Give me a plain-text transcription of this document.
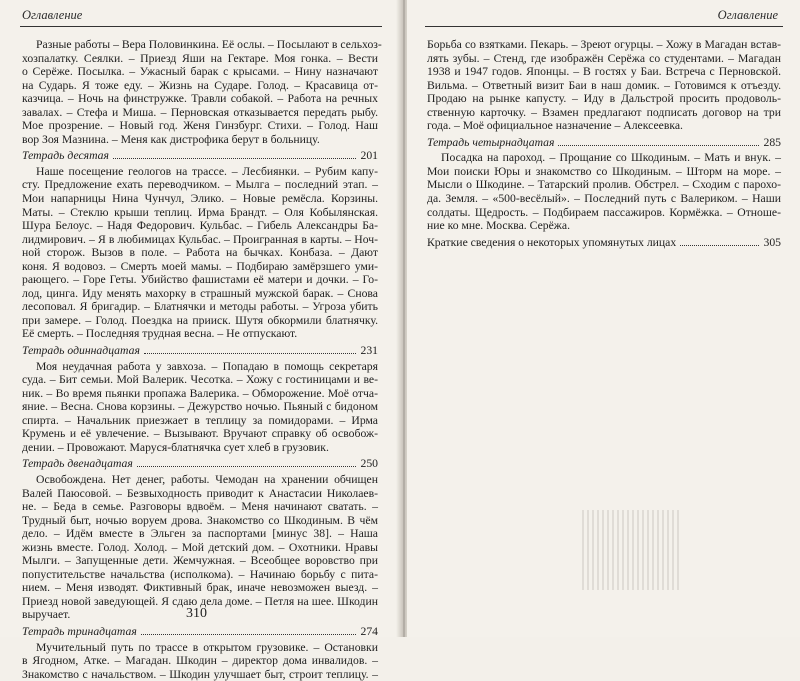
Оглавление
Разные работы – Вера Половинкина. Её ослы. – Посылают в сельхоз-
хозпалатку. Сеялки. – Приезд Яши на Гектаре. Моя гонка. – Вести
о Серёже. Посылка. – Ужасный барак с крысами. – Нину назначают
на Сударь. Я тоже еду. – Жизнь на Сударе. Голод. – Красавица от-
казчица. – Ночь на финстружке. Травли собакой. – Работа на речных
завалах. – Стефа и Миша. – Перновская отказывается передать рыбу.
Мое прозрение. – Новый год. Женя Гинзбург. Стихи. – Голод. Наш
вор Зоя Мазнина. – Меня как дистрофика берут в больницу.
Тетрадь десятая	201
Наше посещение геологов на трассе. – Лесбиянки. – Рубим капу-
сту. Предложение ехать переводчиком. – Мылга – последний этап. –
Мои напарницы Нина Чунчул, Элико. – Новые ремёсла. Корзины.
Маты. – Стеклю крыши теплиц. Ирма Брандт. – Оля Кобылянская.
Шура Белоус. – Надя Федорович. Кульбас. – Гибель Александры Ба-
лидмирович. – Я в любимицах Кульбас. – Проигранная в карты. – Ноч-
ной сторож. Вызов в поле. – Работа на бычках. Конбаза. – Дают
коня. Я водовоз. – Смерть моей мамы. – Подбираю замёрзшего уми-
рающего. – Горе Геты. Убийство фашистами её матери и дочки. – Го-
лод, цинга. Иду менять махорку в страшный мужской барак. – Снова
лесоповал. Я бригадир. – Блатнячки и методы работы. – Угроза убить
при замере. – Голод. Поездка на прииск. Шутя обкормили блатнячку.
Её смерть. – Последняя трудная весна. – Не отпускают.
Тетрадь одиннадцатая	231
Моя неудачная работа у завхоза. – Попадаю в помощь секретаря
суда. – Бит семьи. Мой Валерик. Чесотка. – Хожу с гостиницами и ве-
ник. – Во время пьянки пропажа Валерика. – Обморожение. Моё отча-
яние. – Весна. Снова корзины. – Дежурство ночью. Пьяный с бидоном
спирта. – Начальник приезжает в теплицу за помидорами. – Ирма
Крумень и её увлечение. – Вызывают. Вручают справку об освобож-
дении. – Провожают. Маруся-блатнячка сует хлеб в грузовик.
Тетрадь двенадцатая	250
Освобождена. Нет денег, работы. Чемодан на хранении обчищен
Валей Паюсовой. – Безвыходность приводит к Анастасии Николаев-
не. – Беда в семье. Разговоры вдвоём. – Меня начинают сватать. –
Трудный быт, ночью воруем дрова. Знакомство со Шкодиным. В чём
дело. – Идём вместе в Эльген за паспортами [минус 38]. – Наша
жизнь вместе. Голод. Холод. – Мой детский дом. – Охотники. Нравы
Мылги. – Запущенные дети. Жемчужная. – Всеобщее воровство при
попустительстве начальства (исполкома). – Начинаю борьбу с пита-
нием. – Меня изводят. Фиктивный брак, иначе невозможен выезд. –
Приезд новой заведующей. Я сдаю дела доме. – Петля на шее. Шкодин
выручает.
Тетрадь тринадцатая	274
Мучительный путь по трассе в открытом грузовике. – Остановки
в Ягодном, Атке. – Магадан. Шкодин – директор дома инвалидов. –
Знакомство с начальством. – Шкодин улучшает быт, строит теплицу. –
310
Оглавление
Борьба со взятками. Пекарь. – Зреют огурцы. – Хожу в Магадан встав-
лять зубы. – Стенд, где изображён Серёжа со студентами. – Магадан
1938 и 1947 годов. Японцы. – В гостях у Баи. Встреча с Перновской.
Вильма. – Ответный визит Баи в наш домик. – Готовимся к отъезду.
Продаю на рынке капусту. – Иду в Дальстрой просить продоволь-
ственную карточку. – Взамен предлагают подписать договор на три
года. – Моё официальное назначение – Алексеевка.
Тетрадь четырнадцатая	285
Посадка на пароход. – Прощание со Шкодиным. – Мать и внук. –
Мои поиски Юры и знакомство со Шкодиным. – Шторм на море. –
Мысли о Шкодине. – Татарский пролив. Обстрел. – Сходим с парохо-
да. Земля. – «500-весёлый». – Последний путь с Валериком. – Наши
солдаты. Щедрость. – Подбираем пассажиров. Кормёжка. – Отноше-
ние ко мне. Москва. Серёжа.
Краткие сведения о некоторых упомянутых лицах	305
